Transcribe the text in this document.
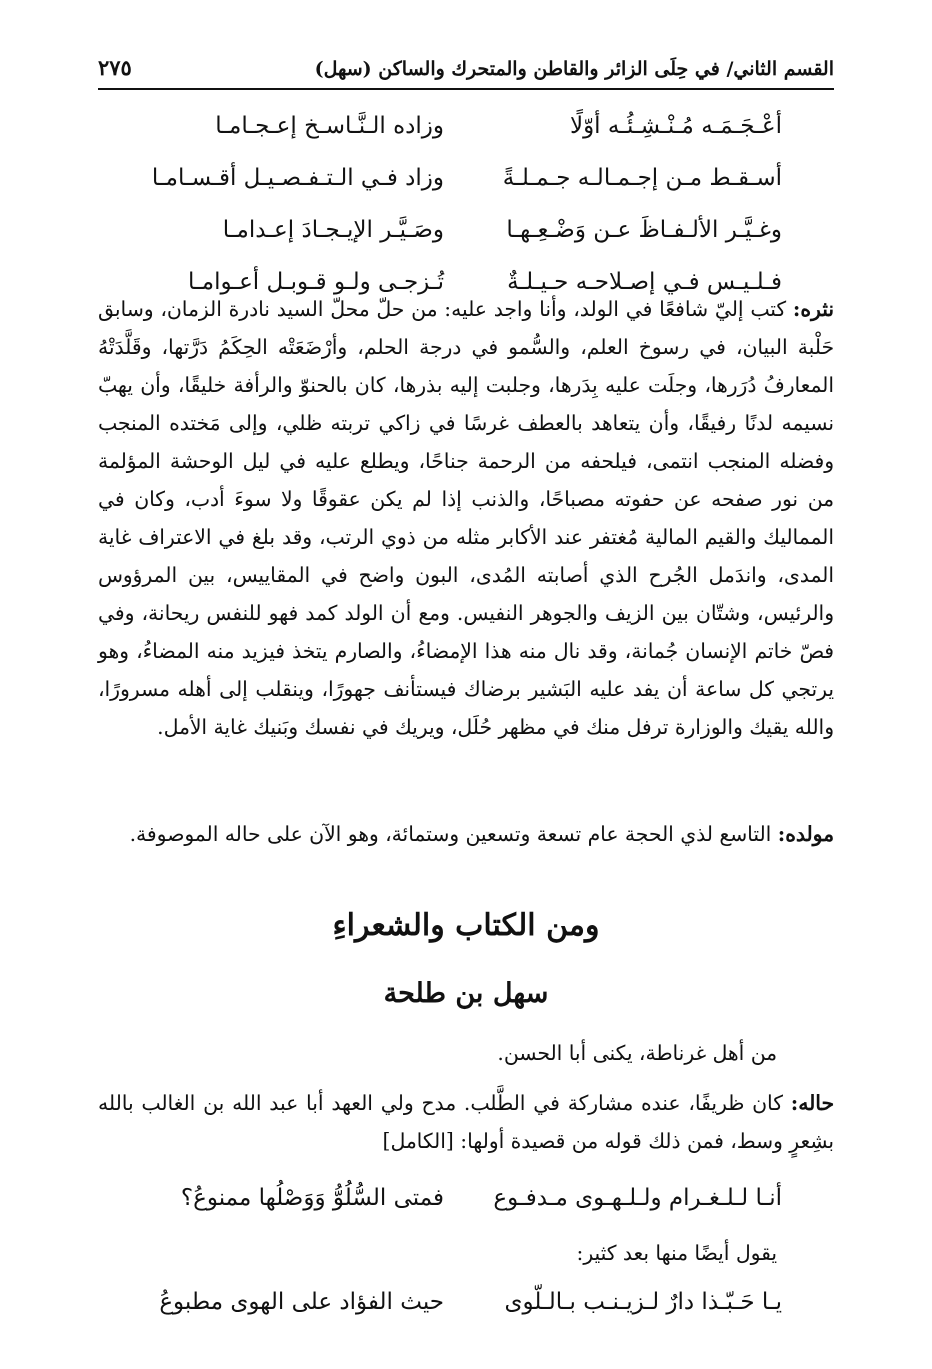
القسم الثاني/ في حِلَى الزائر والقاطن والمتحرك والساكن (سهل)
٢٧٥
أعْـجَـمَـه مُـنْـشِـئُـه أوّلًا
وزاده الـنَّـاسـخ إعـجـامـا
أسـقـط مـن إجـمـالـه جـمـلـةً
وزاد فـي الـتـفـصـيـل أقـسـامـا
وغـيَّـر الألـفـاظَ عـن وَضْـعِـهـا
وصَـيَّـر الإيـجـادَ إعـدامـا
فـلـيـس فـي إصـلاحـه حـيـلـةٌ
تُـزجـى ولـو قـوبـل أعـوامـا

نثره: كتب إليّ شافعًا في الولد، وأنا واجد عليه: من حلّ محلّ السيد نادرة الزمان، وسابق حَلْبة البيان، في رسوخ العلم، والسُّمو في درجة الحلم، وأرْضَعَتْه الحِكَمُ دَرَّتها، وقَلَّدَتْهُ المعارفُ دُرَرها، وجلَت عليه بِدَرها، وجلبت إليه بذرها، كان بالحنوّ والرأفة خليقًا، وأن يهبّ نسيمه لدنًا رفيقًا، وأن يتعاهد بالعطف غرسًا في زاكي تربته ظلي، وإلى مَختده المنجب وفضله المنجب انتمى، فيلحفه من الرحمة جناحًا، ويطلع عليه في ليل الوحشة المؤلمة من نور صفحه عن حفوته مصباحًا، والذنب إذا لم يكن عقوقًا ولا سوءَ أدب، وكان في المماليك والقيم المالية مُغتفر عند الأكابر مثله من ذوي الرتب، وقد بلغ في الاعتراف غاية المدى، واندَمل الجُرح الذي أصابته المُدى، البون واضح في المقاييس، بين المرؤوس والرئيس، وشتّان بين الزيف والجوهر النفيس. ومع أن الولد كمد فهو للنفس ريحانة، وفي فصّ خاتم الإنسان جُمانة، وقد نال منه هذا الإمضاءُ، والصارم يتخذ فيزيد منه المضاءُ، وهو يرتجي كل ساعة أن يفد عليه البَشير برضاك فيستأنف جهورًا، وينقلب إلى أهله مسرورًا، والله يقيك والوزارة ترفل منك في مظهر حُلَل، ويريك في نفسك وبَنيك غاية الأمل.

مولده: التاسع لذي الحجة عام تسعة وتسعين وستمائة، وهو الآن على حاله الموصوفة.

ومن الكتاب والشعراءِ
سهل بن طلحة

من أهل غرناطة، يكنى أبا الحسن.

حاله: كان ظريفًا، عنده مشاركة في الطَّلب. مدح ولي العهد أبا عبد الله بن الغالب بالله بشِعرٍ وسط، فمن ذلك قوله من قصيدة أولها: [الكامل]

أنـا لـلـغـرام ولـلـهـوى مـدفـوع
فمتى السُّلُوُّ وَوَصْلُها ممنوعُ؟

يقول أيضًا منها بعد كثير:

يـا حَـبّـذا دارٌ لـزيـنـب بـالـلّوى
حيث الفؤاد على الهوى مطبوعُ
